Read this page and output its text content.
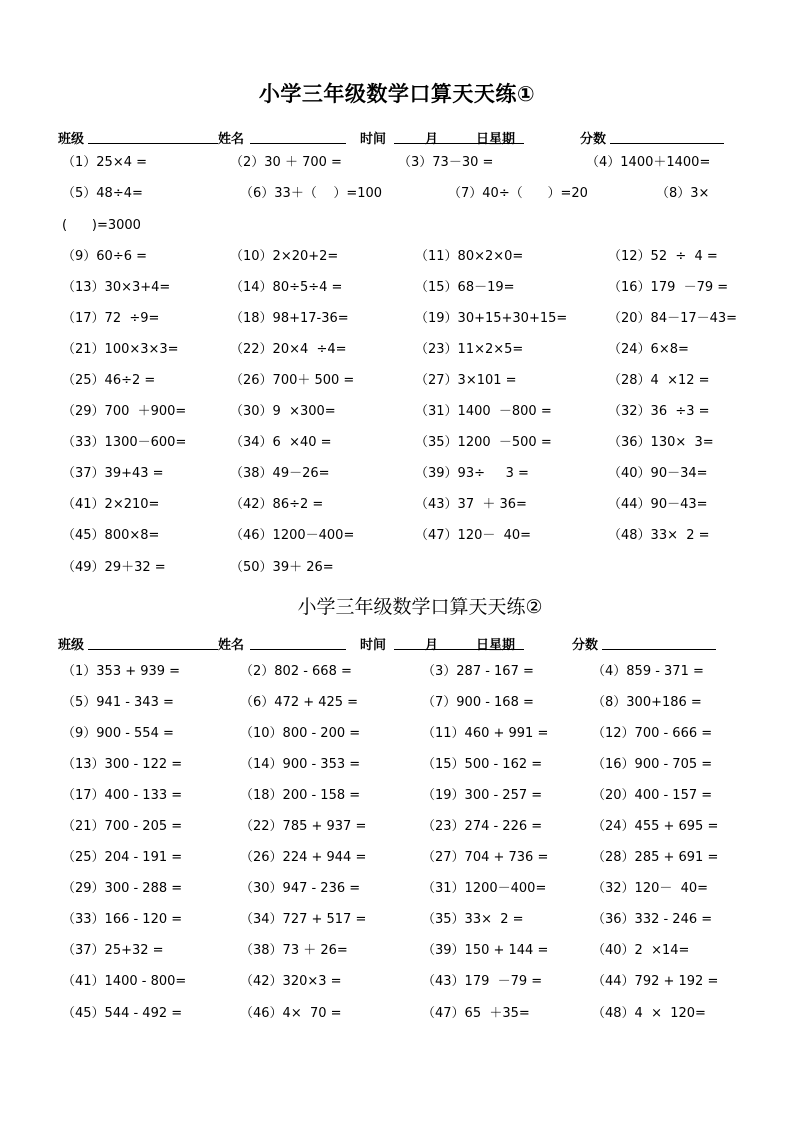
小学三年级数学口算天天练①
班级	姓名	时间	月	日星期	分数
（1）25×4 =	（2）30 ＋ 700 =	（3）73－30 =	（4）1400＋1400=
（5）48÷4=	（6）33＋（    ）=100	（7）40÷（      ）=20	（8）3×
(      )=3000
（9）60÷6 =	（10）2×20+2=	（11）80×2×0=	（12）52  ÷  4 =
（13）30×3+4=	（14）80÷5÷4 =	（15）68－19=	（16）179  －79 =
（17）72  ÷9=	（18）98+17-36=	（19）30+15+30+15=	（20）84－17－43=
（21）100×3×3=	（22）20×4  ÷4=	（23）11×2×5=	（24）6×8=
（25）46÷2 =	（26）700＋ 500 =	（27）3×101 =	（28）4  ×12 =
（29）700  ＋900=	（30）9  ×300=	（31）1400  －800 =	（32）36  ÷3 =
（33）1300－600=	（34）6  ×40 =	（35）1200  －500 =	（36）130×  3=
（37）39+43 =	（38）49－26=	（39）93÷     3 =	（40）90－34=
（41）2×210=	（42）86÷2 =	（43）37  ＋ 36=	（44）90－43=
（45）800×8=	（46）1200－400=	（47）120－  40=	（48）33×  2 =
（49）29＋32 =	（50）39＋ 26=
小学三年级数学口算天天练②
班级	姓名	时间	月	日星期	分数
（1）353 + 939 =	（2）802 - 668 =	（3）287 - 167 =	（4）859 - 371 =
（5）941 - 343 =	（6）472 + 425 =	（7）900 - 168 =	（8）300+186 =
（9）900 - 554 =	（10）800 - 200 =	（11）460 + 991 =	（12）700 - 666 =
（13）300 - 122 =	（14）900 - 353 =	（15）500 - 162 =	（16）900 - 705 =
（17）400 - 133 =	（18）200 - 158 =	（19）300 - 257 =	（20）400 - 157 =
（21）700 - 205 =	（22）785 + 937 =	（23）274 - 226 =	（24）455 + 695 =
（25）204 - 191 =	（26）224 + 944 =	（27）704 + 736 =	（28）285 + 691 =
（29）300 - 288 =	（30）947 - 236 =	（31）1200－400=	（32）120－  40=
（33）166 - 120 =	（34）727 + 517 =	（35）33×  2 =	（36）332 - 246 =
（37）25+32 =	（38）73 ＋ 26=	（39）150 + 144 =	（40）2  ×14=
（41）1400 - 800=	（42）320×3 =	（43）179  －79 =	（44）792 + 192 =
（45）544 - 492 =	（46）4×  70 =	（47）65  ＋35=	（48）4  ×  120=
